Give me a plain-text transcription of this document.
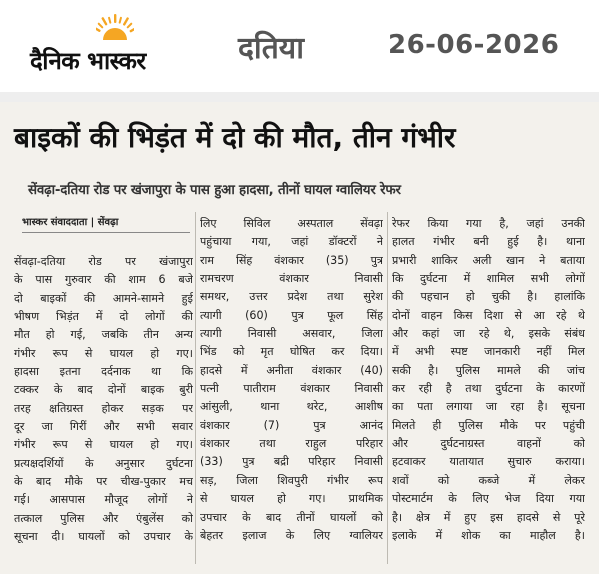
दैनिक भास्कर	दतिया	26-06-2026
बाइकों की भिड़ंत में दो की मौत, तीन गंभीर
सेंवढ़ा-दतिया रोड पर खंजापुरा के पास हुआ हादसा, तीनों घायल ग्वालियर रेफर
भास्कर संवाददाता | सेंवढ़ा
सेंवढ़ा-दतिया रोड पर खंजापुरा
के पास गुरुवार की शाम 6 बजे
दो बाइकों की आमने-सामने हुई
भीषण भिड़ंत में दो लोगों की
मौत हो गई, जबकि तीन अन्य
गंभीर रूप से घायल हो गए।
हादसा इतना दर्दनाक था कि
टक्कर के बाद दोनों बाइक बुरी
तरह क्षतिग्रस्त होकर सड़क पर
दूर जा गिरीं और सभी सवार
गंभीर रूप से घायल हो गए।
प्रत्यक्षदर्शियों के अनुसार दुर्घटना
के बाद मौके पर चीख-पुकार मच
गई। आसपास मौजूद लोगों ने
तत्काल पुलिस और एंबुलेंस को
सूचना दी। घायलों को उपचार के
लिए सिविल अस्पताल सेंवढ़ा
पहुंचाया गया, जहां डॉक्टरों ने
राम सिंह वंशकार (35) पुत्र
रामचरण वंशकार निवासी
समथर, उत्तर प्रदेश तथा सुरेश
त्यागी (60) पुत्र फूल सिंह
त्यागी निवासी असवार, जिला
भिंड को मृत घोषित कर दिया।
हादसे में अनीता वंशकार (40)
पत्नी पातीराम वंशकार निवासी
आंसुली, थाना थरेट, आशीष
वंशकार (7) पुत्र आनंद
वंशकार तथा राहुल परिहार
(33) पुत्र बद्री परिहार निवासी
सड़, जिला शिवपुरी गंभीर रूप
से घायल हो गए। प्राथमिक
उपचार के बाद तीनों घायलों को
बेहतर इलाज के लिए ग्वालियर
रेफर किया गया है, जहां उनकी
हालत गंभीर बनी हुई है। थाना
प्रभारी शाकिर अली खान ने बताया
कि दुर्घटना में शामिल सभी लोगों
की पहचान हो चुकी है। हालांकि
दोनों वाहन किस दिशा से आ रहे थे
और कहां जा रहे थे, इसके संबंध
में अभी स्पष्ट जानकारी नहीं मिल
सकी है। पुलिस मामले की जांच
कर रही है तथा दुर्घटना के कारणों
का पता लगाया जा रहा है। सूचना
मिलते ही पुलिस मौके पर पहुंची
और दुर्घटनाग्रस्त वाहनों को
हटवाकर यातायात सुचारु कराया।
शवों को कब्जे में लेकर
पोस्टमार्टम के लिए भेज दिया गया
है। क्षेत्र में हुए इस हादसे से पूरे
इलाके में शोक का माहौल है।
